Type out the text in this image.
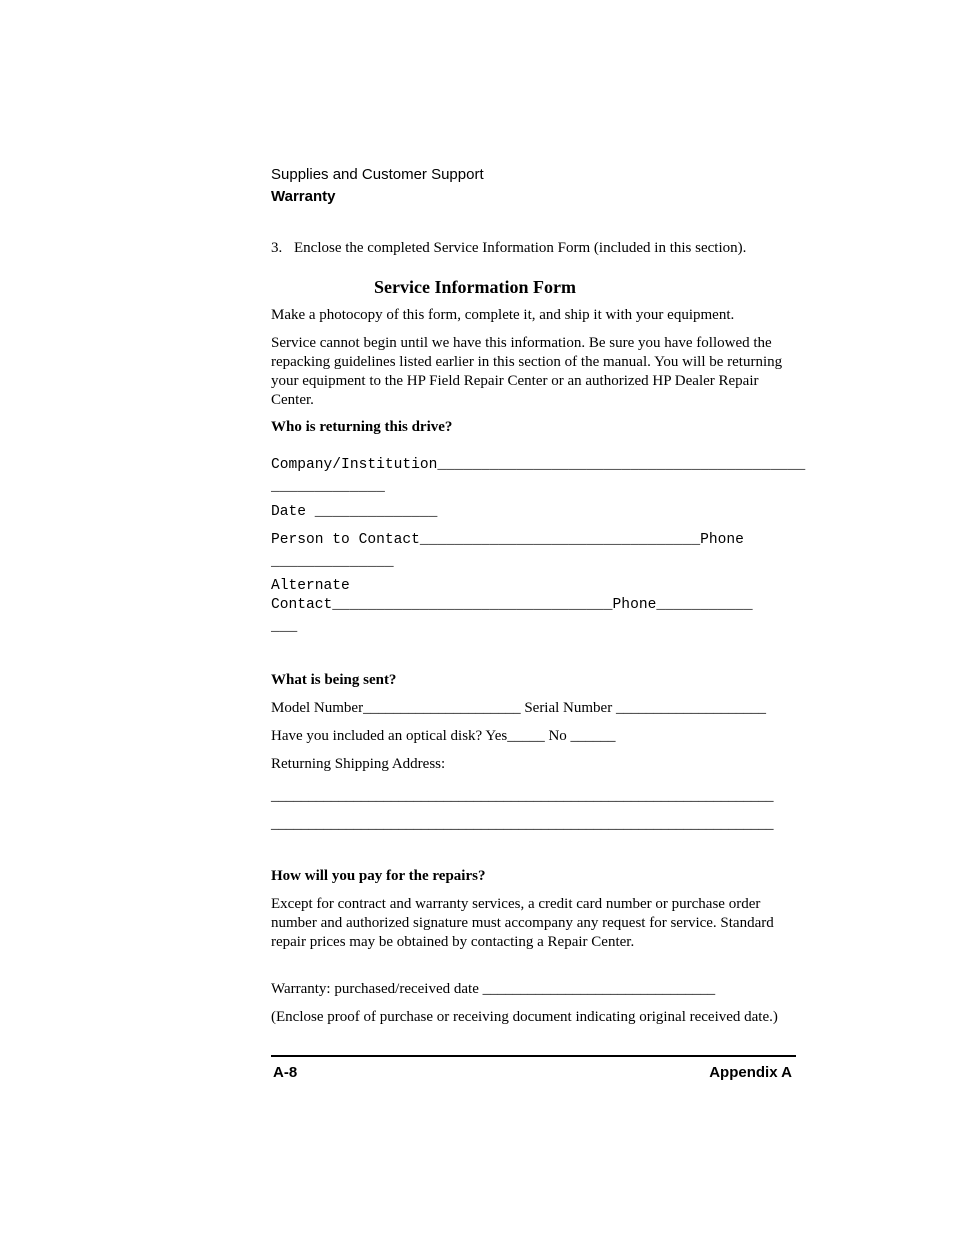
Supplies and Customer Support

Warranty

3. Enclose the completed Service Information Form (included in this section).

Service Information Form

Make a photocopy of this form, complete it, and ship it with your equipment.

Service cannot begin until we have this information. Be sure you have followed the repacking guidelines listed earlier in this section of the manual. You will be returning your equipment to the HP Field Repair Center or an authorized HP Dealer Repair Center.

Who is returning this drive?

Company/Institution__________________________________________

_____________

Date ______________

Person to Contact________________________________Phone

______________

Alternate

Contact________________________________Phone___________

___

What is being sent?

Model Number_____________________ Serial Number ____________________

Have you included an optical disk? Yes_____ No ______

Returning Shipping Address:

___________________________________________________________________

___________________________________________________________________

How will you pay for the repairs?

Except for contract and warranty services, a credit card number or purchase order number and authorized signature must accompany any request for service. Standard repair prices may be obtained by contacting a Repair Center.

Warranty: purchased/received date _______________________________

(Enclose proof of purchase or receiving document indicating original received date.)

A-8	Appendix A
